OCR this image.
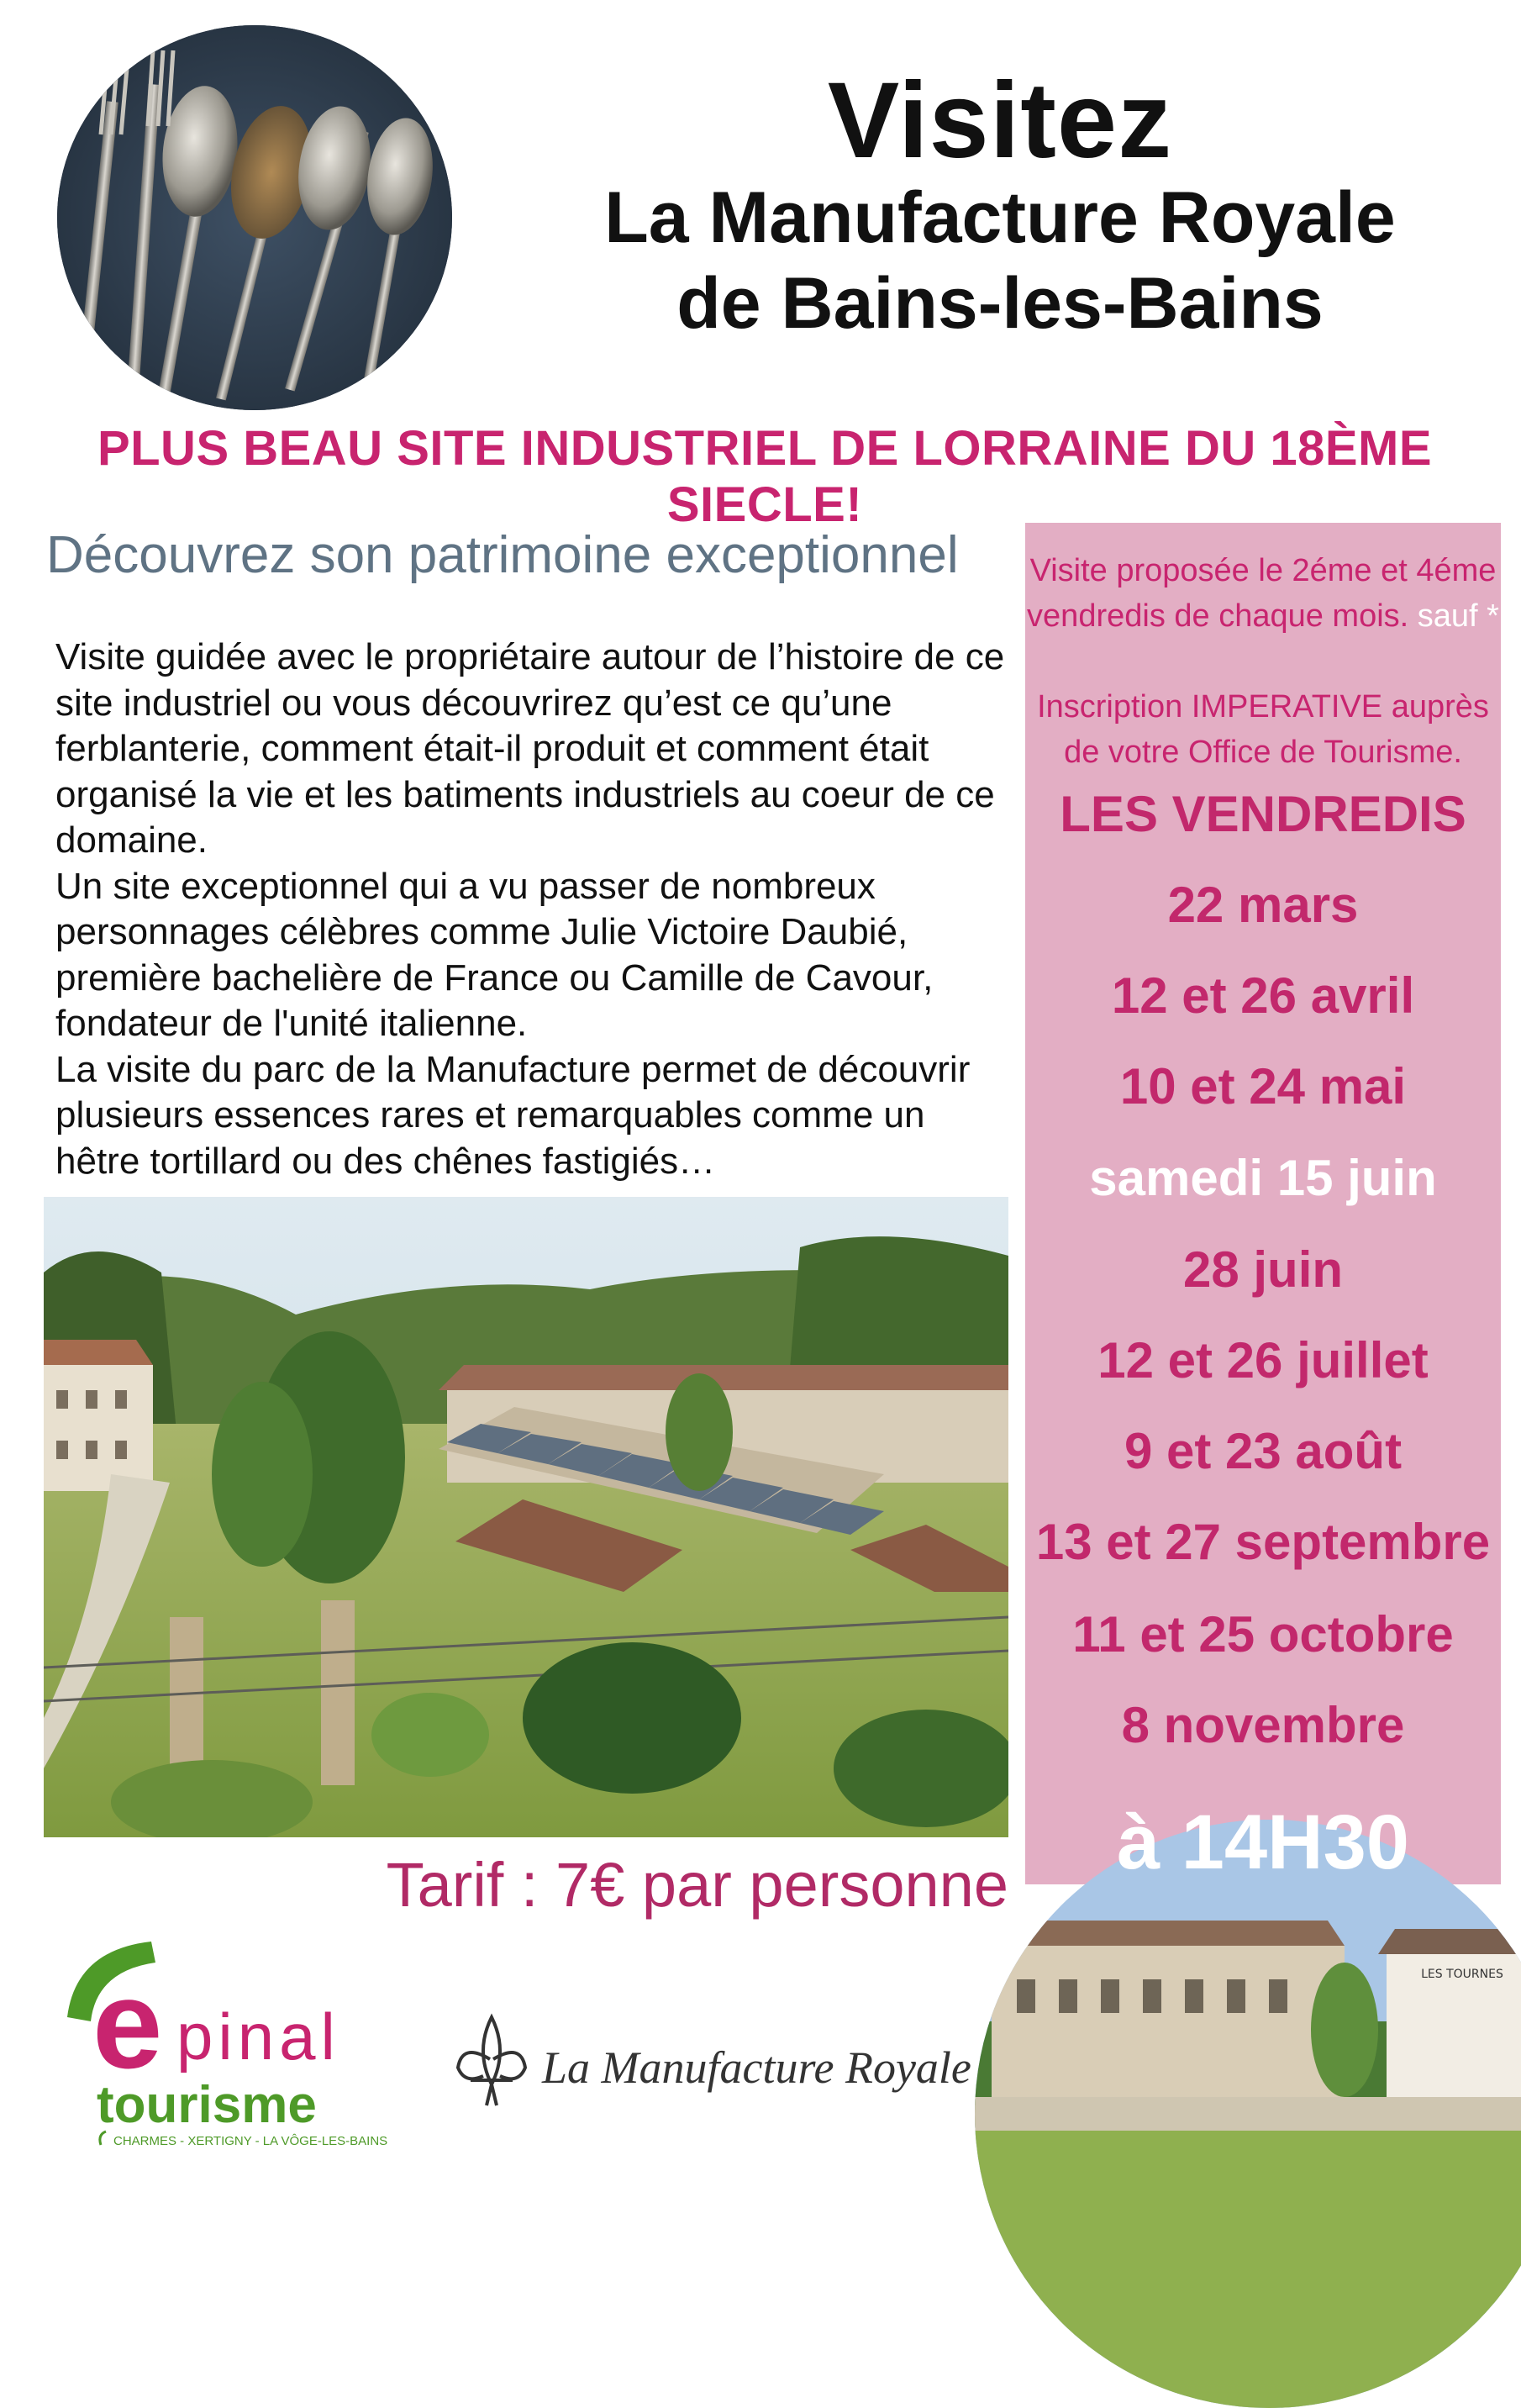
Visitez
La Manufacture Royale
de Bains-les-Bains
PLUS BEAU SITE INDUSTRIEL DE LORRAINE DU 18ÈME SIECLE!
Découvrez son patrimoine exceptionnel

Visite guidée avec le propriétaire autour de l’histoire de ce site industriel ou vous découvrirez qu’est ce qu’une ferblanterie, comment était-il produit et comment était organisé la vie et les batiments industriels au coeur de ce domaine.

Un site exceptionnel qui a vu passer de nombreux personnages célèbres comme Julie Victoire Daubié, première bachelière de France ou Camille de Cavour, fondateur de l'unité italienne.

La visite du parc de la Manufacture permet de découvrir plusieurs essences rares et remarquables comme un hêtre tortillard ou des chênes fastigiés…

Visite proposée le 2éme et 4éme
vendredis de chaque mois. sauf *
Inscription IMPERATIVE auprès
de votre Office de Tourisme.
LES VENDREDIS
22 mars
12 et 26 avril
10 et 24 mai
samedi 15 juin
28 juin
12 et 26 juillet
9 et 23 août
13 et 27 septembre
11 et 25 octobre
8 novembre
Tarif : 7€ par personne
LES TOURNES
à 14H30
e pinal
tourisme
CHARMES - XERTIGNY - LA VÔGE-LES-BAINS
La Manufacture Royale
